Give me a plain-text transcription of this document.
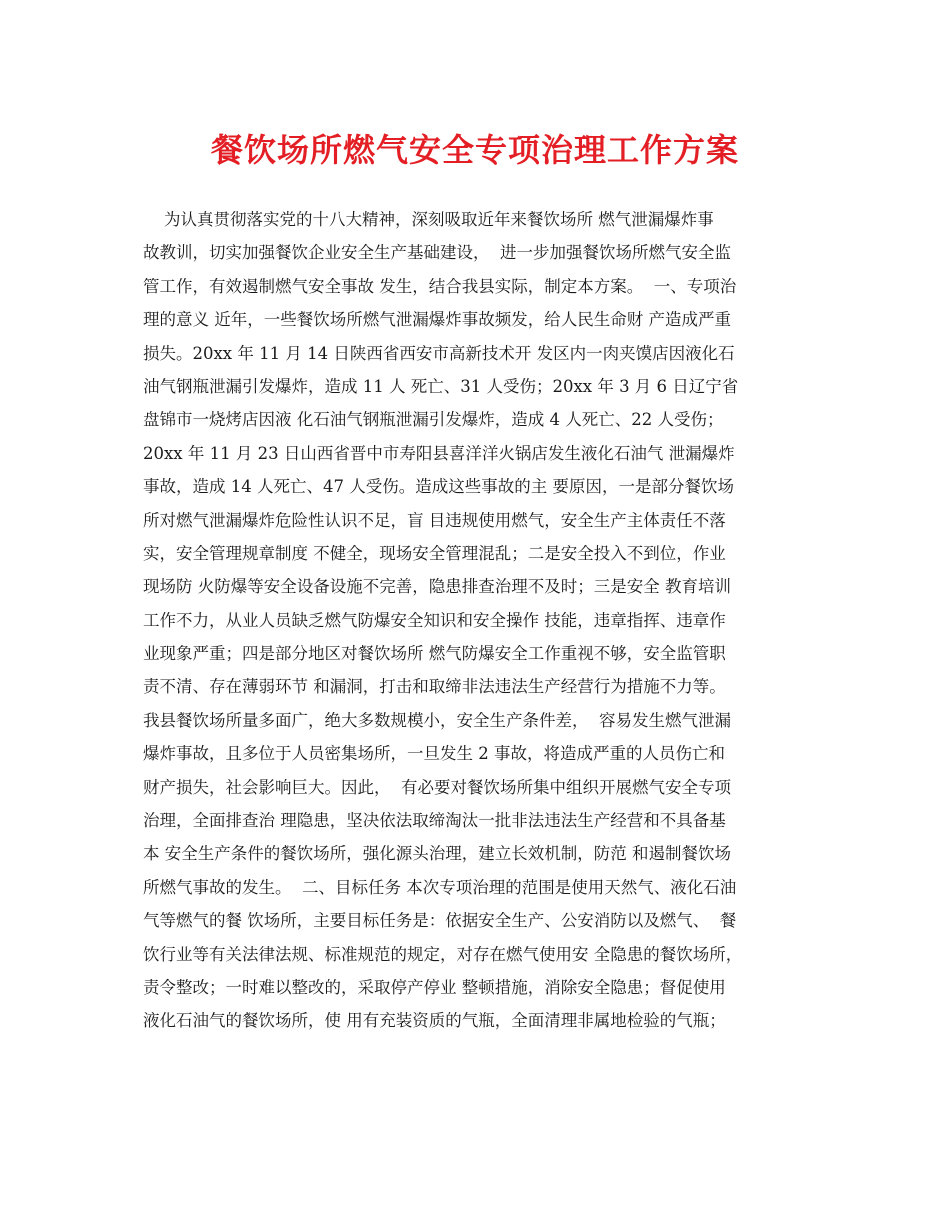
餐饮场所燃气安全专项治理工作方案
为认真贯彻落实党的十八大精神，深刻吸取近年来餐饮场所 燃气泄漏爆炸事
故教训，切实加强餐饮企业安全生产基础建设，  进一步加强餐饮场所燃气安全监
管工作，有效遏制燃气安全事故 发生，结合我县实际，制定本方案。  一、专项治
理的意义 近年，一些餐饮场所燃气泄漏爆炸事故频发，给人民生命财 产造成严重
损失。20xx 年 11 月 14 日陕西省西安市高新技术开 发区内一肉夹馍店因液化石
油气钢瓶泄漏引发爆炸，造成 11 人 死亡、31 人受伤；20xx 年 3 月 6 日辽宁省
盘锦市一烧烤店因液 化石油气钢瓶泄漏引发爆炸，造成 4 人死亡、22 人受伤；
20xx 年 11 月 23 日山西省晋中市寿阳县喜洋洋火锅店发生液化石油气 泄漏爆炸
事故，造成 14 人死亡、47 人受伤。造成这些事故的主 要原因，一是部分餐饮场
所对燃气泄漏爆炸危险性认识不足，盲 目违规使用燃气，安全生产主体责任不落
实，安全管理规章制度 不健全，现场安全管理混乱；二是安全投入不到位，作业
现场防 火防爆等安全设备设施不完善，隐患排查治理不及时；三是安全 教育培训
工作不力，从业人员缺乏燃气防爆安全知识和安全操作 技能，违章指挥、违章作
业现象严重；四是部分地区对餐饮场所 燃气防爆安全工作重视不够，安全监管职
责不清、存在薄弱环节 和漏洞，打击和取缔非法违法生产经营行为措施不力等。
我县餐饮场所量多面广，绝大多数规模小，安全生产条件差，  容易发生燃气泄漏
爆炸事故，且多位于人员密集场所，一旦发生 2 事故，将造成严重的人员伤亡和
财产损失，社会影响巨大。因此，  有必要对餐饮场所集中组织开展燃气安全专项
治理，全面排查治 理隐患，坚决依法取缔淘汰一批非法违法生产经营和不具备基
本 安全生产条件的餐饮场所，强化源头治理，建立长效机制，防范 和遏制餐饮场
所燃气事故的发生。  二、目标任务 本次专项治理的范围是使用天然气、液化石油
气等燃气的餐 饮场所，主要目标任务是：依据安全生产、公安消防以及燃气、  餐
饮行业等有关法律法规、标准规范的规定，对存在燃气使用安 全隐患的餐饮场所，
责令整改；一时难以整改的，采取停产停业 整顿措施，消除安全隐患；督促使用
液化石油气的餐饮场所，使 用有充装资质的气瓶，全面清理非属地检验的气瓶；
